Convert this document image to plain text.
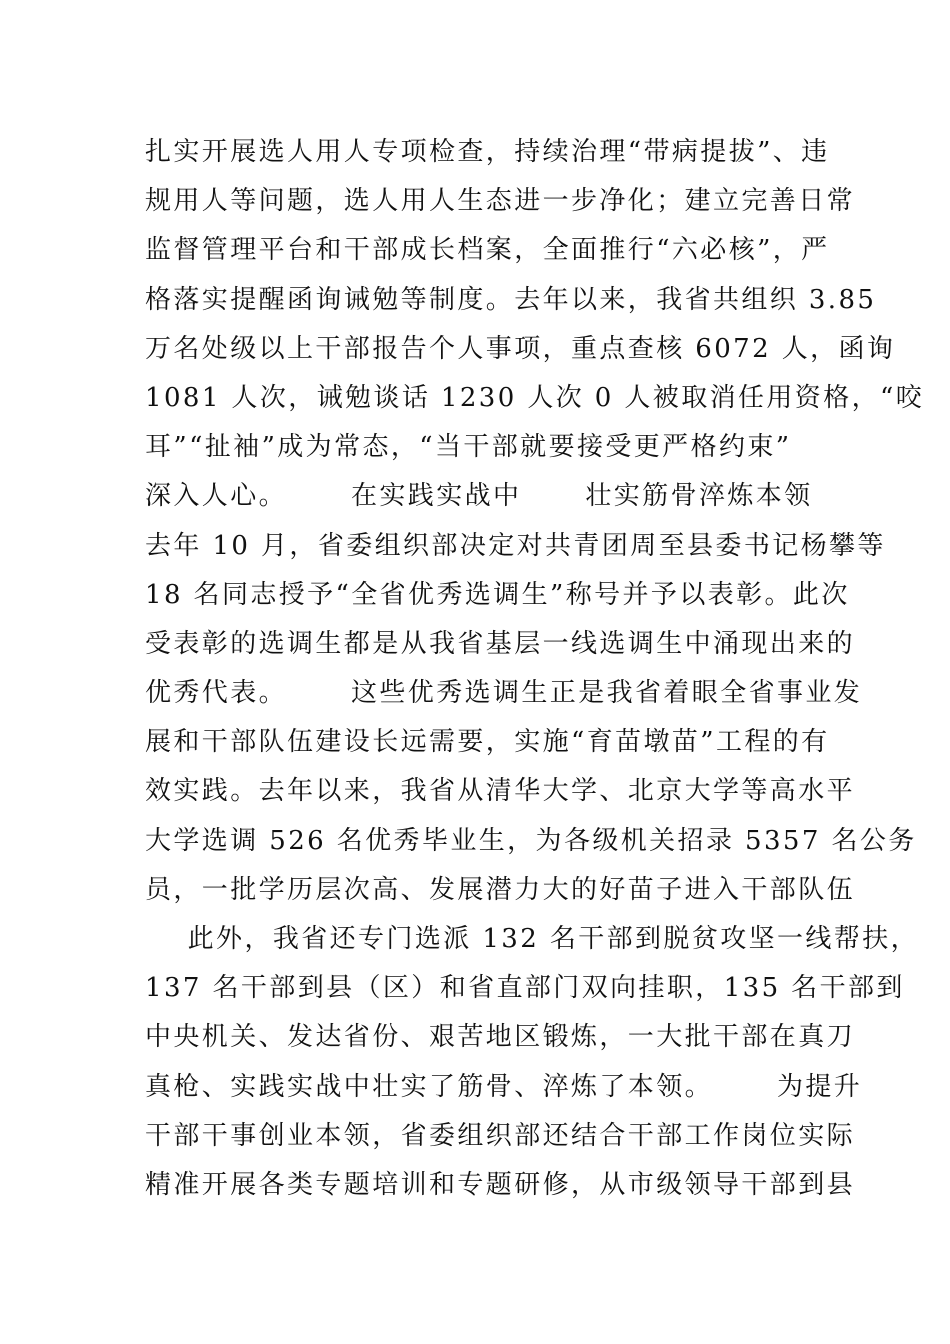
扎实开展选人用人专项检查，持续治理“带病提拔”、违
规用人等问题，选人用人生态进一步净化；建立完善日常
监督管理平台和干部成长档案，全面推行“六必核”，严
格落实提醒函询诫勉等制度。去年以来，我省共组织 3.85
万名处级以上干部报告个人事项，重点查核 6072 人，函询
1081 人次，诫勉谈话 1230 人次 0 人被取消任用资格，“咬
耳”“扯袖”成为常态，“当干部就要接受更严格约束”
深入人心。      在实践实战中      壮实筋骨淬炼本领
去年 10 月，省委组织部决定对共青团周至县委书记杨攀等
18 名同志授予“全省优秀选调生”称号并予以表彰。此次
受表彰的选调生都是从我省基层一线选调生中涌现出来的
优秀代表。      这些优秀选调生正是我省着眼全省事业发
展和干部队伍建设长远需要，实施“育苗墩苗”工程的有
效实践。去年以来，我省从清华大学、北京大学等高水平
大学选调 526 名优秀毕业生，为各级机关招录 5357 名公务
员，一批学历层次高、发展潜力大的好苗子进入干部队伍
此外，我省还专门选派 132 名干部到脱贫攻坚一线帮扶，
137 名干部到县（区）和省直部门双向挂职，135 名干部到
中央机关、发达省份、艰苦地区锻炼，一大批干部在真刀
真枪、实践实战中壮实了筋骨、淬炼了本领。      为提升
干部干事创业本领，省委组织部还结合干部工作岗位实际
精准开展各类专题培训和专题研修，从市级领导干部到县
